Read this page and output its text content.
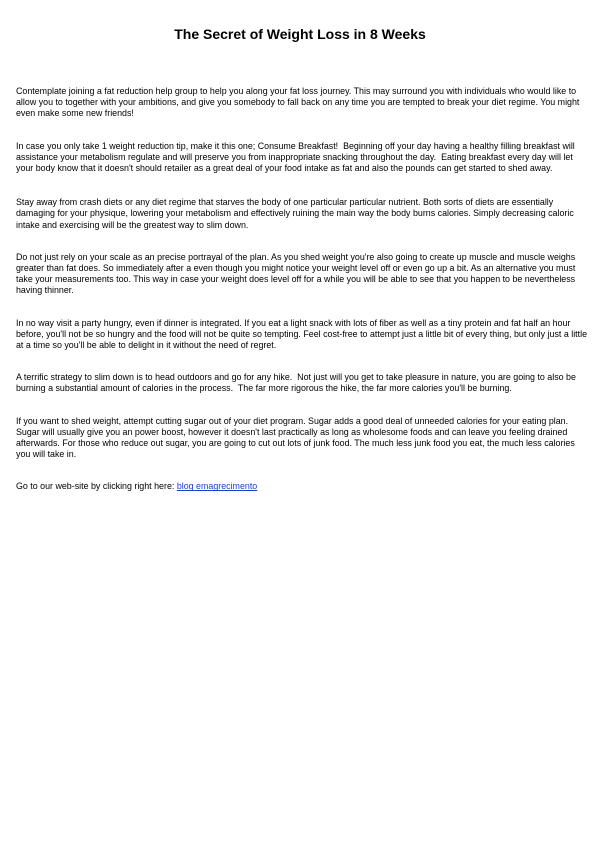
The Secret of Weight Loss in 8 Weeks

Contemplate joining a fat reduction help group to help you along your fat loss journey. This may surround you with individuals who would like to allow you to together with your ambitions, and give you somebody to fall back on any time you are tempted to break your diet regime. You might even make some new friends!

In case you only take 1 weight reduction tip, make it this one; Consume Breakfast!  Beginning off your day having a healthy filling breakfast will assistance your metabolism regulate and will preserve you from inappropriate snacking throughout the day.  Eating breakfast every day will let your body know that it doesn't should retailer as a great deal of your food intake as fat and also the pounds can get started to shed away.

Stay away from crash diets or any diet regime that starves the body of one particular particular nutrient. Both sorts of diets are essentially damaging for your physique, lowering your metabolism and effectively ruining the main way the body burns calories. Simply decreasing caloric intake and exercising will be the greatest way to slim down.

Do not just rely on your scale as an precise portrayal of the plan. As you shed weight you're also going to create up muscle and muscle weighs greater than fat does. So immediately after a even though you might notice your weight level off or even go up a bit. As an alternative you must take your measurements too. This way in case your weight does level off for a while you will be able to see that you happen to be nevertheless having thinner.

In no way visit a party hungry, even if dinner is integrated. If you eat a light snack with lots of fiber as well as a tiny protein and fat half an hour before, you'll not be so hungry and the food will not be quite so tempting. Feel cost-free to attempt just a little bit of every thing, but only just a little at a time so you'll be able to delight in it without the need of regret.

A terrific strategy to slim down is to head outdoors and go for any hike.  Not just will you get to take pleasure in nature, you are going to also be burning a substantial amount of calories in the process.  The far more rigorous the hike, the far more calories you'll be burning.

If you want to shed weight, attempt cutting sugar out of your diet program. Sugar adds a good deal of unneeded calories for your eating plan. Sugar will usually give you an power boost, however it doesn't last practically as long as wholesome foods and can leave you feeling drained afterwards. For those who reduce out sugar, you are going to cut out lots of junk food. The much less junk food you eat, the much less calories you will take in.

Go to our web-site by clicking right here: blog emagrecimento
